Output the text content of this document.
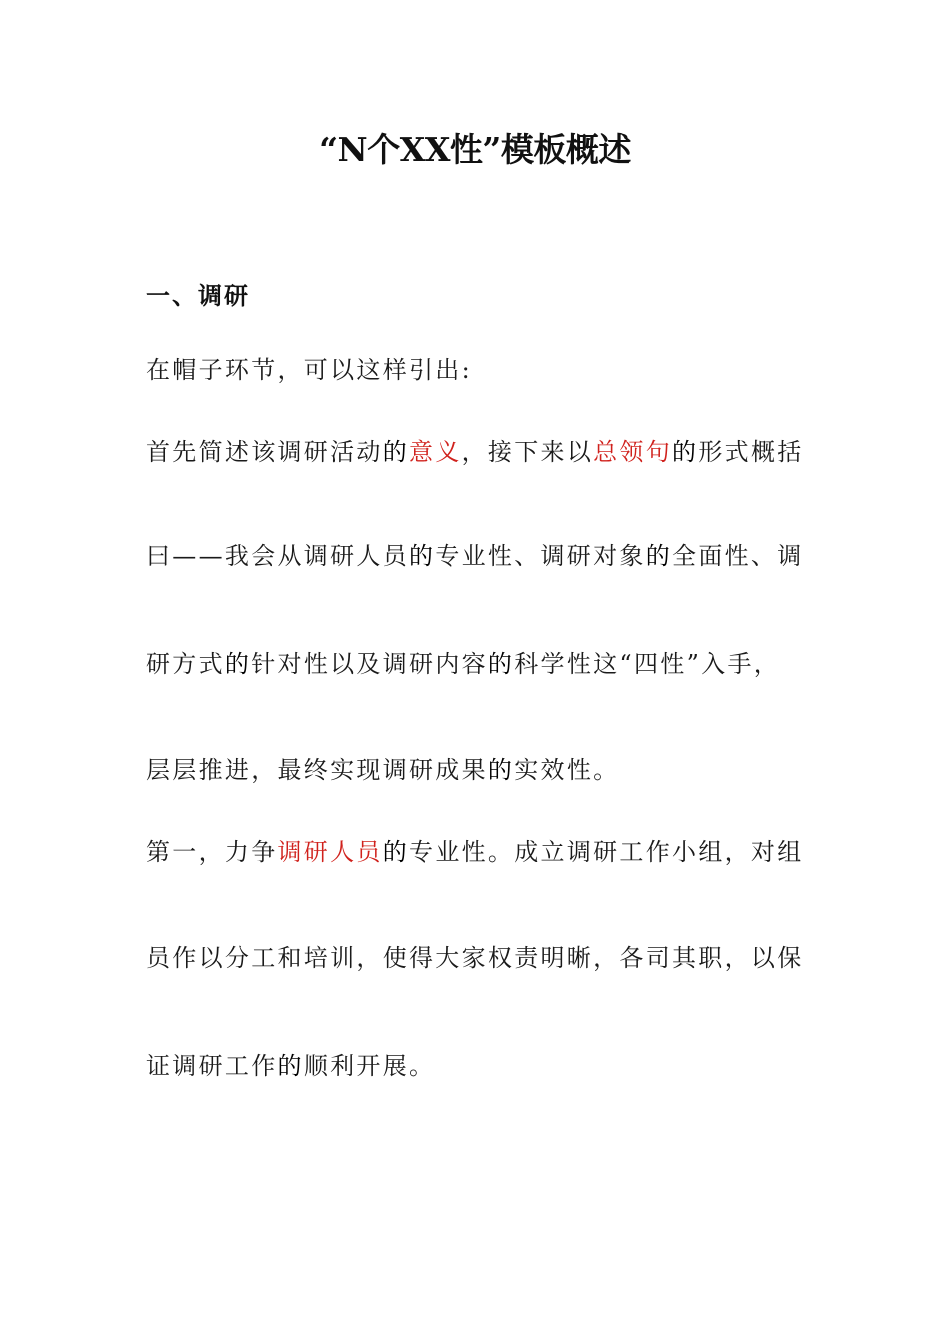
“N个XX性”模板概述
一、调研
在帽子环节，可以这样引出:
首先简述该调研活动的意义，接下来以总领句的形式概括
曰——我会从调研人员的专业性、调研对象的全面性、调
研方式的针对性以及调研内容的科学性这“四性”入手，
层层推进，最终实现调研成果的实效性。
第一，力争调研人员的专业性。成立调研工作小组，对组
员作以分工和培训，使得大家权责明晰，各司其职，以保
证调研工作的顺利开展。
